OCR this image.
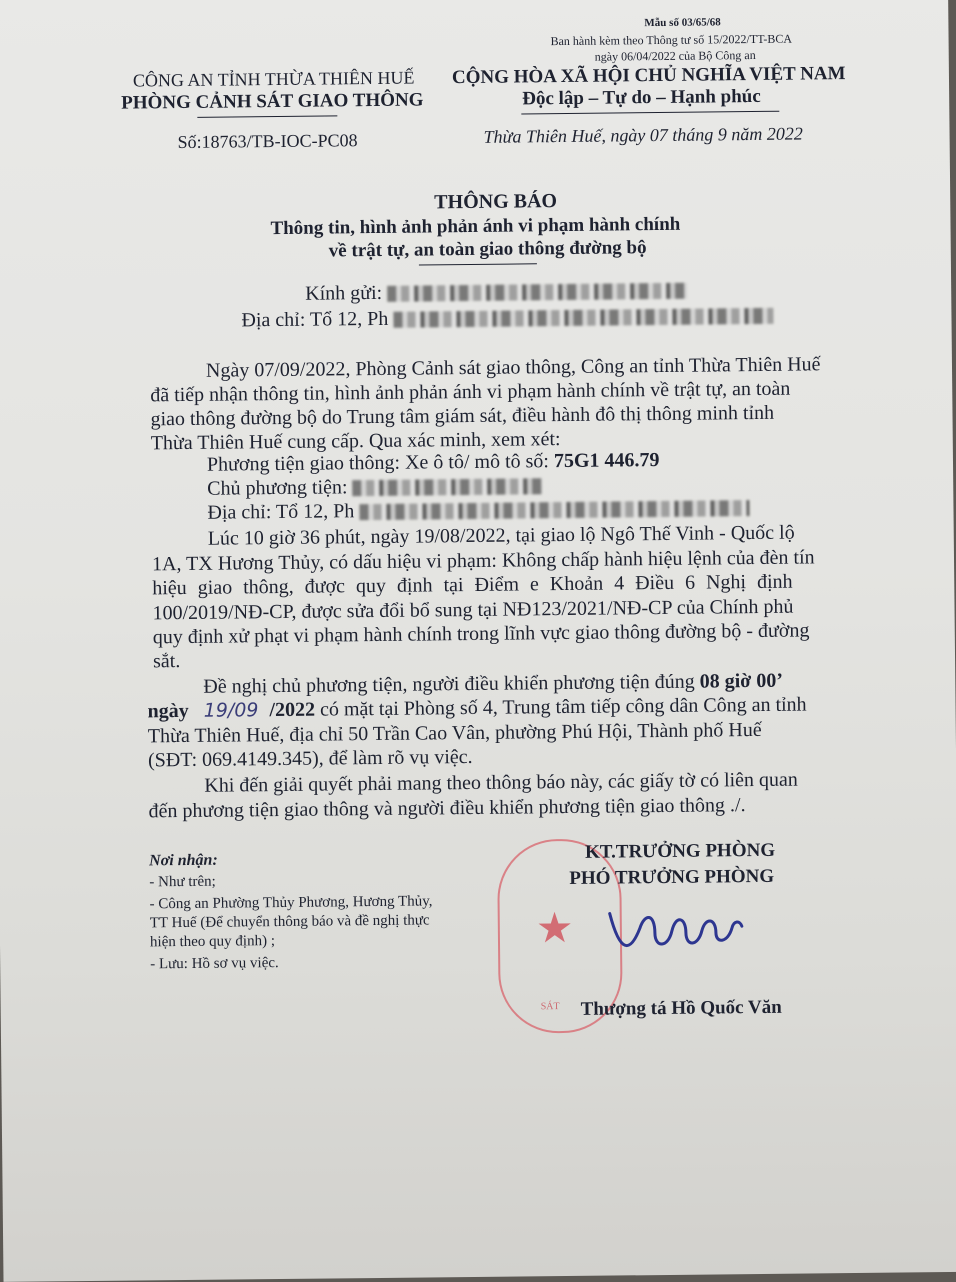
Mẫu số 03/65/68
Ban hành kèm theo Thông tư số 15/2022/TT-BCA
ngày 06/04/2022 của Bộ Công an
CÔNG AN TỈNH THỪA THIÊN HUẾ
PHÒNG CẢNH SÁT GIAO THÔNG
Số:18763/TB-IOC-PC08
CỘNG HÒA XÃ HỘI CHỦ NGHĨA VIỆT NAM
Độc lập – Tự do – Hạnh phúc
Thừa Thiên Huế, ngày 07 tháng 9 năm 2022
THÔNG BÁO
Thông tin, hình ảnh phản ánh vi phạm hành chính
về trật tự, an toàn giao thông đường bộ
Kính gửi:
Địa chỉ: Tổ 12, Ph
Ngày 07/09/2022, Phòng Cảnh sát giao thông, Công an tỉnh Thừa Thiên Huế
đã tiếp nhận thông tin, hình ảnh phản ánh vi phạm hành chính về trật tự, an toàn
giao thông đường bộ do Trung tâm giám sát, điều hành đô thị thông minh tỉnh
Thừa Thiên Huế cung cấp. Qua xác minh, xem xét:
Phương tiện giao thông: Xe ô tô/ mô tô số: 75G1 446.79
Chủ phương tiện:
Địa chỉ: Tổ 12, Ph
Lúc 10 giờ 36 phút, ngày 19/08/2022, tại giao lộ Ngô Thế Vinh - Quốc lộ
1A, TX Hương Thủy, có dấu hiệu vi phạm: Không chấp hành hiệu lệnh của đèn tín
hiệu giao thông, được quy định tại Điểm e Khoản 4 Điều 6 Nghị định
100/2019/NĐ-CP, được sửa đổi bổ sung tại NĐ123/2021/NĐ-CP của Chính phủ
quy định xử phạt vi phạm hành chính trong lĩnh vực giao thông đường bộ - đường
sắt.
Đề nghị chủ phương tiện, người điều khiển phương tiện đúng 08 giờ 00’
ngày 19/09 /2022 có mặt tại Phòng số 4, Trung tâm tiếp công dân Công an tỉnh
Thừa Thiên Huế, địa chỉ 50 Trần Cao Vân, phường Phú Hội, Thành phố Huế
(SĐT: 069.4149.345), để làm rõ vụ việc.
Khi đến giải quyết phải mang theo thông báo này, các giấy tờ có liên quan
đến phương tiện giao thông và người điều khiển phương tiện giao thông ./.
Nơi nhận:
- Như trên;
- Công an Phường Thủy Phương, Hương Thủy,
TT Huế (Để chuyển thông báo và đề nghị thực
hiện theo quy định) ;
- Lưu: Hồ sơ vụ việc.
★
SÁT
KT.TRƯỞNG PHÒNG
PHÓ TRƯỞNG PHÒNG
Thượng tá Hồ Quốc Văn
